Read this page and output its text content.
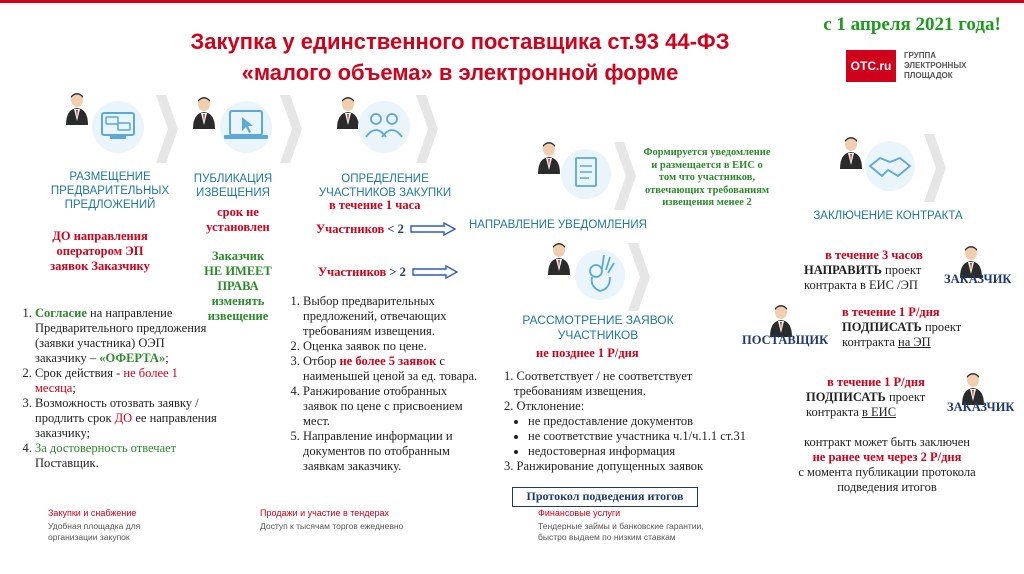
Закупка у единственного поставщика ст.93 44-ФЗ
«малого объема» в электронной форме
с 1 апреля 2021 года!
OTC.ru
ГРУППА
ЭЛЕКТРОННЫХ
ПЛОЩАДОК
РАЗМЕЩЕНИЕ
ПРЕДВАРИТЕЛЬНЫХ
ПРЕДЛОЖЕНИЙ
ДО направления
оператором ЭП
заявок Заказчику
1. Согласие на направление Предварительного предложения (заявки участника) ОЭП заказчику – «ОФЕРТА»;
2. Срок действия - не более 1 месяца;
3. Возможность отозвать заявку / продлить срок ДО ее направления заказчику;
4. За достоверность отвечает Поставщик.
ПУБЛИКАЦИЯ
ИЗВЕЩЕНИЯ
срок не
установлен
Заказчик
НЕ ИМЕЕТ
ПРАВА
изменять
извещение
ОПРЕДЕЛЕНИЕ
УЧАСТНИКОВ ЗАКУПКИ
в течение 1 часа
Участников < 2
Участников > 2
1. Выбор предварительных предложений, отвечающих требованиям извещения.
2. Оценка заявок по цене.
3. Отбор не более 5 заявок с наименьшей ценой за ед. товара.
4. Ранжирование отобранных заявок по цене с присвоением мест.
5. Направление информации и документов по отобранным заявкам заказчику.
Формируется уведомление
и размещается в ЕИС о
том что участников,
отвечающих требованиям
извещения менее 2
НАПРАВЛЕНИЕ УВЕДОМЛЕНИЯ
РАССМОТРЕНИЕ ЗАЯВОК
УЧАСТНИКОВ
не позднее 1 Р/дня
1. Соответствует / не соответствует
требованиям извещения.
2. Отклонение:
• не предоставление документов
• не соответствие участника ч.1/ч.1.1 ст.31
• недостоверная информация
3. Ранжирование допущенных заявок
Протокол подведения итогов
ЗАКЛЮЧЕНИЕ КОНТРАКТА
в течение 3 часов
НАПРАВИТЬ проект
контракта в ЕИС /ЭП	ЗАКАЗЧИК
ПОСТАВЩИК
в течение 1 Р/дня
ПОДПИСАТЬ проект
контракта на ЭП
в течение 1 Р/дня
ПОДПИСАТЬ проект
контракта в ЕИС	ЗАКАЗЧИК
контракт может быть заключен
не ранее чем через 2 Р/дня
с момента публикации протокола
подведения итогов
Закупки и снабжение
Удобная площадка для
организации закупок
Продажи и участие в тендерах
Доступ к тысячам торгов ежедневно
Финансовые услуги
Тендерные займы и банковские гарантии,
быстро выдаем по низким ставкам
